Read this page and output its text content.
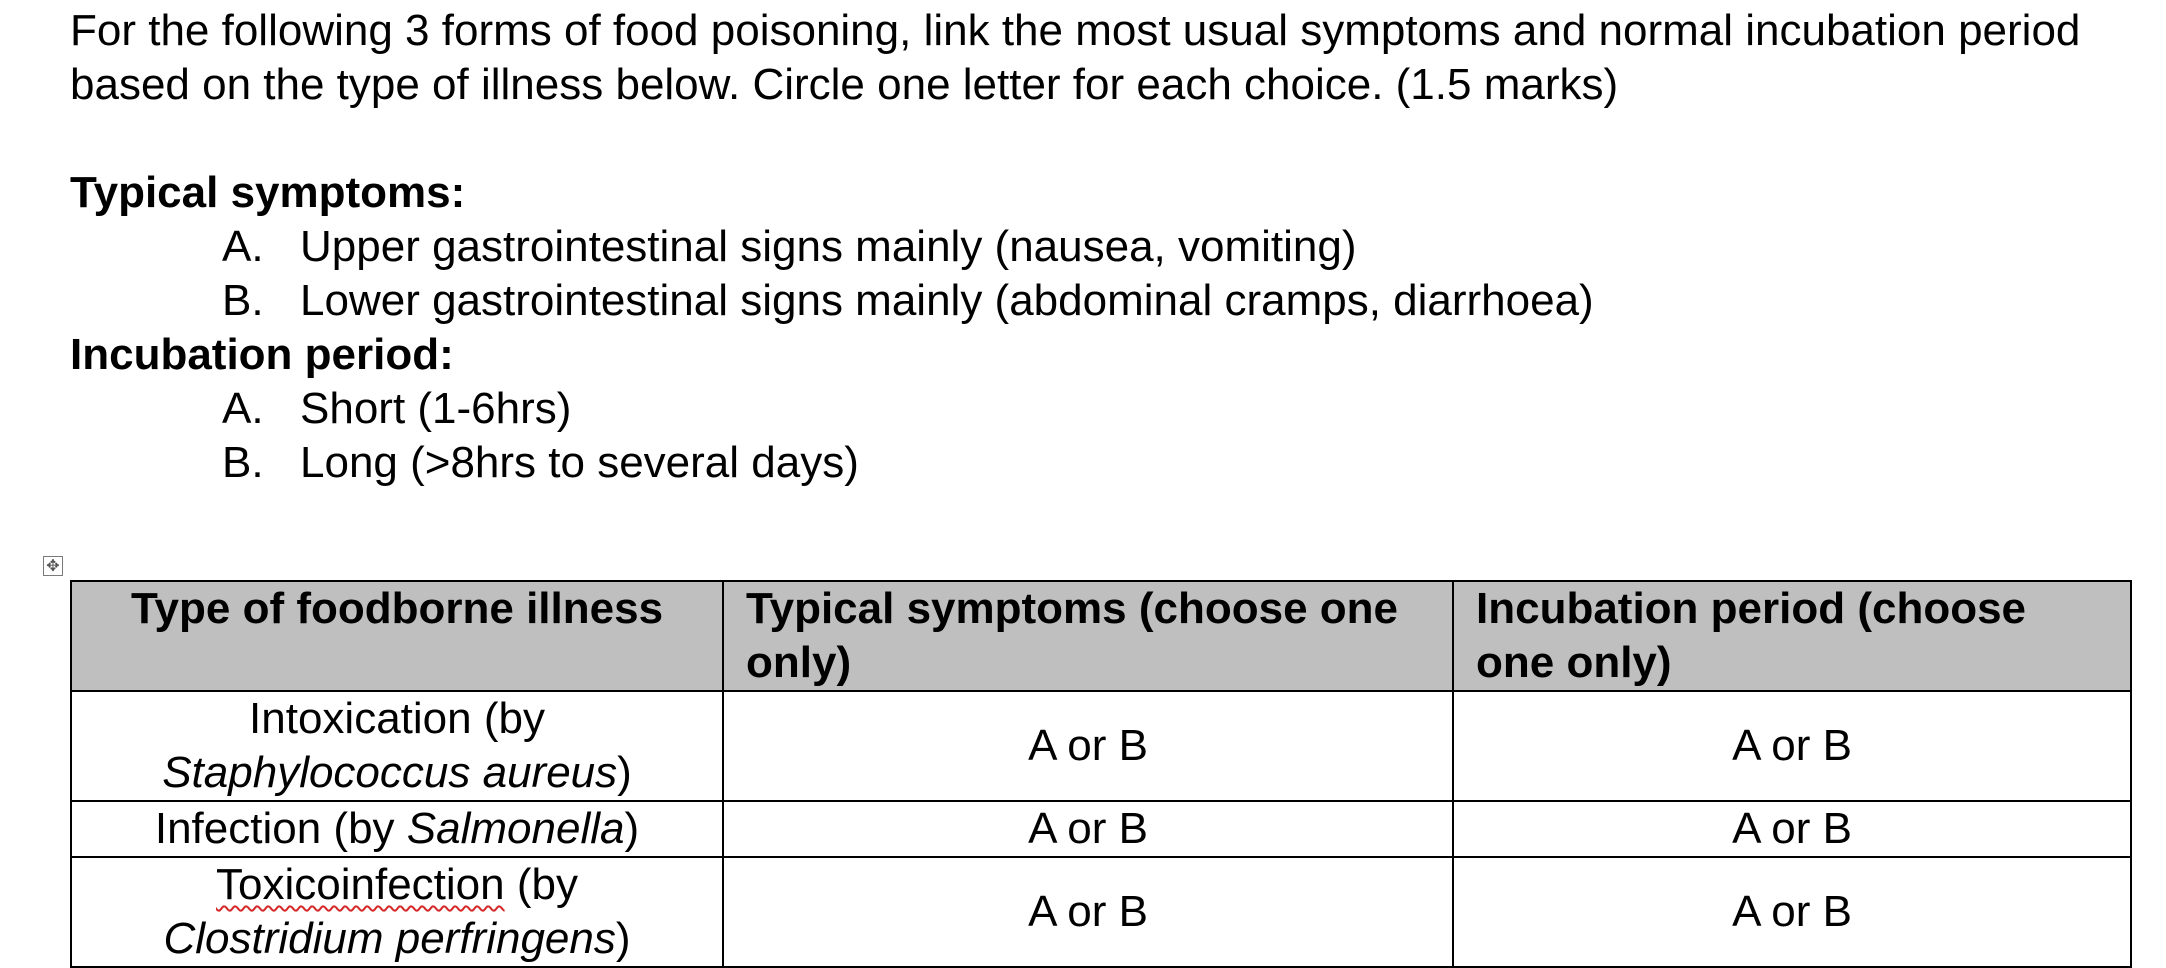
For the following 3 forms of food poisoning, link the most usual symptoms and normal incubation period based on the type of illness below. Circle one letter for each choice. (1.5 marks)

Typical symptoms:

A. Upper gastrointestinal signs mainly (nausea, vomiting)

B. Lower gastrointestinal signs mainly (abdominal cramps, diarrhoea)

Incubation period:

A. Short (1-6hrs)

B. Long (>8hrs to several days)

✥
Type of foodborne illness	Typical symptoms (choose one only)	Incubation period (choose one only)
Intoxication (by
Staphylococcus aureus)	A or B	A or B
Infection (by Salmonella)	A or B	A or B
Toxicoinfection (by
Clostridium perfringens)	A or B	A or B
